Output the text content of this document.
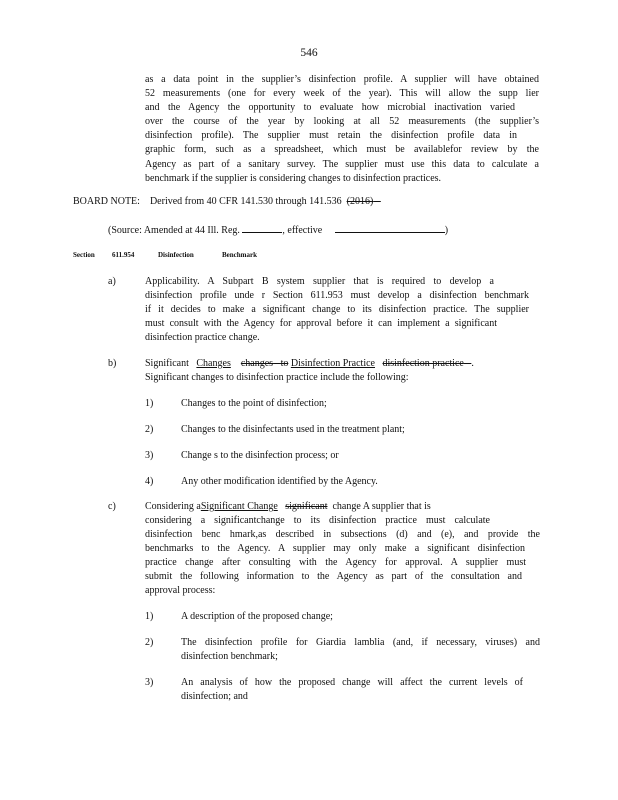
546
as a data point in the supplier’s disinfection profile. A supplier will have obtained
52 measurements (one for every week of the year). This will allow the supp lier
and the Agency the opportunity to evaluate how microbial inactivation varied
over the course of the year by looking at all 52 measurements (the supplier’s
disinfection profile). The supplier must retain the disinfection profile data in
graphic form, such as a spreadsheet, which must be availablefor review by the
Agency as part of a sanitary survey. The supplier must use this data to calculate a
benchmark if the supplier is considering changes to disinfection practices.
BOARD NOTE: Derived from 40 CFR 141.530 through 141.536 (2016)
(Source: Amended at 44 Ill. Reg.	, effective	)
Section 611.954	Disinfection	Benchmark
a)	Applicability. A Subpart B system supplier that is required to develop a
disinfection profile unde r Section 611.953 must develop a disinfection benchmark
if it decides to make a significant change to its disinfection practice. The supplier
must consult with the Agency for approval before it can implement a significant
disinfection practice change.
b)	Significant Changes changes to Disinfection Practice disinfection practice .
Significant changes to disinfection practice include the following:
1)	Changes to the point of disinfection;
2)	Changes to the disinfectants used in the treatment plant;
3)	Change s to the disinfection process; or
4)	Any other modification identified by the Agency.
c)	Considering aSignificant Change significant change A supplier that is
considering a significantchange to its disinfection practice must calculate
disinfection benc hmark,as described in subsections (d) and (e), and provide the
benchmarks to the Agency. A supplier may only make a significant disinfection
practice change after consulting with the Agency for approval. A supplier must
submit the following information to the Agency as part of the consultation and
approval process:
1)	A description of the proposed change;
2)	The disinfection profile for Giardia lamblia (and, if necessary, viruses) and
disinfection benchmark;
3)	An analysis of how the proposed change will affect the current levels of
disinfection; and
